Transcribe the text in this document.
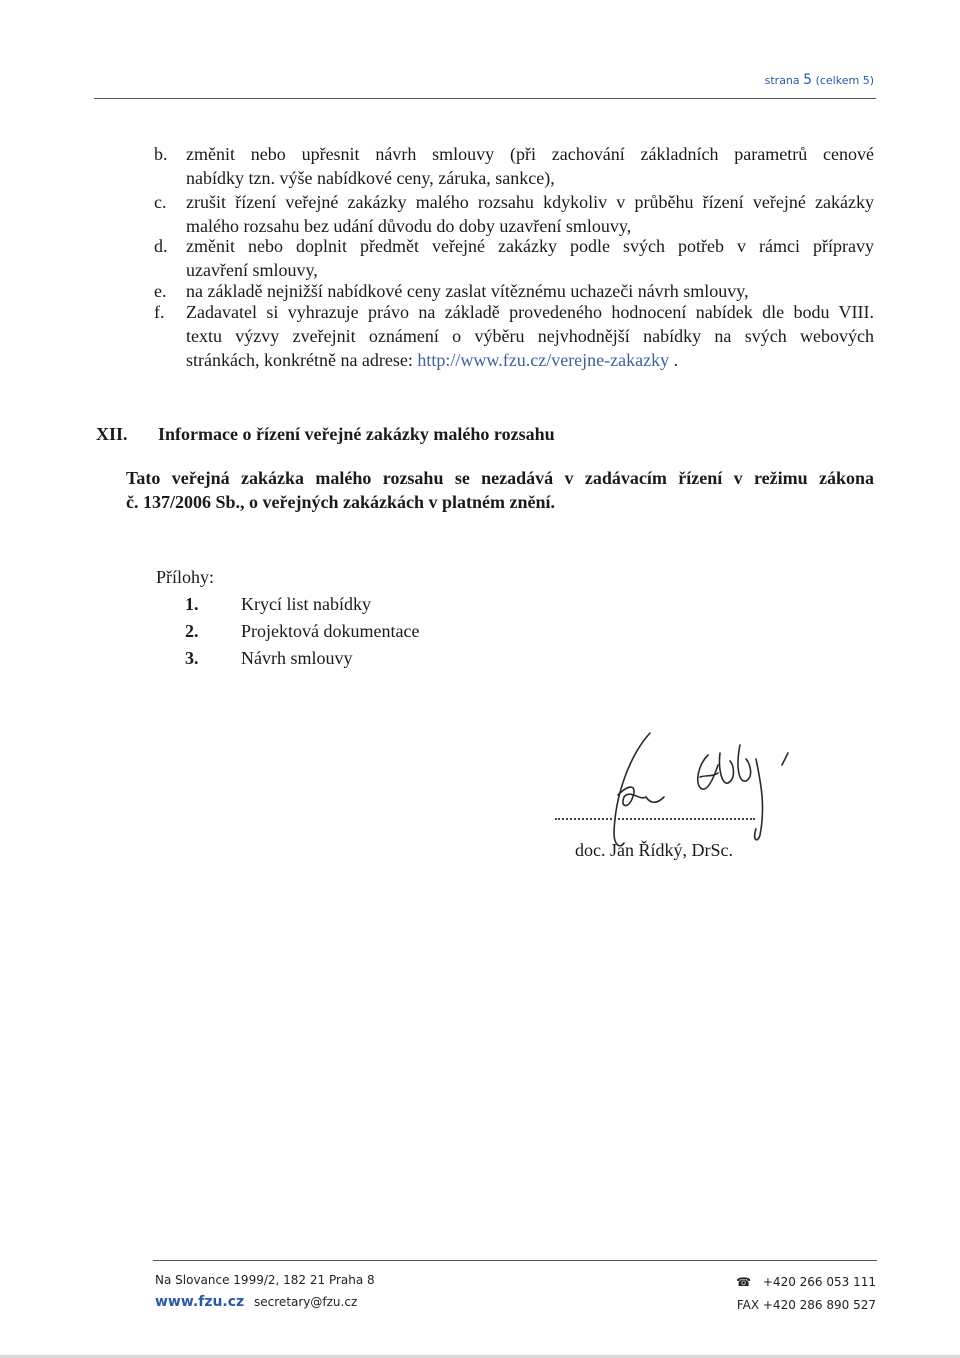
strana 5 (celkem 5)
b.	změnit nebo upřesnit návrh smlouvy (při zachování základních parametrů cenové
nabídky tzn. výše nabídkové ceny, záruka, sankce),
c.	zrušit řízení veřejné zakázky malého rozsahu kdykoliv v průběhu řízení veřejné zakázky
malého rozsahu bez udání důvodu do doby uzavření smlouvy,
d.	změnit nebo doplnit předmět veřejné zakázky podle svých potřeb v rámci přípravy
uzavření smlouvy,
e.	na základě nejnižší nabídkové ceny zaslat vítěznému uchazeči návrh smlouvy,
f.	Zadavatel si vyhrazuje právo na základě provedeného hodnocení nabídek dle bodu VIII.
textu výzvy zveřejnit oznámení o výběru nejvhodnější nabídky na svých webových
stránkách, konkrétně na adrese: http://www.fzu.cz/verejne-zakazky .
XII.	Informace o řízení veřejné zakázky malého rozsahu
Tato veřejná zakázka malého rozsahu se nezadává v zadávacím řízení v režimu zákona
č. 137/2006 Sb., o veřejných zakázkách v platném znění.
Přílohy:
1. Krycí list nabídky
2. Projektová dokumentace
3. Návrh smlouvy
doc. Jan Řídký, DrSc.
Na Slovance 1999/2, 182 21 Praha 8
www.fzu.cz secretary@fzu.cz
☎ +420 266 053 111
FAX +420 286 890 527
